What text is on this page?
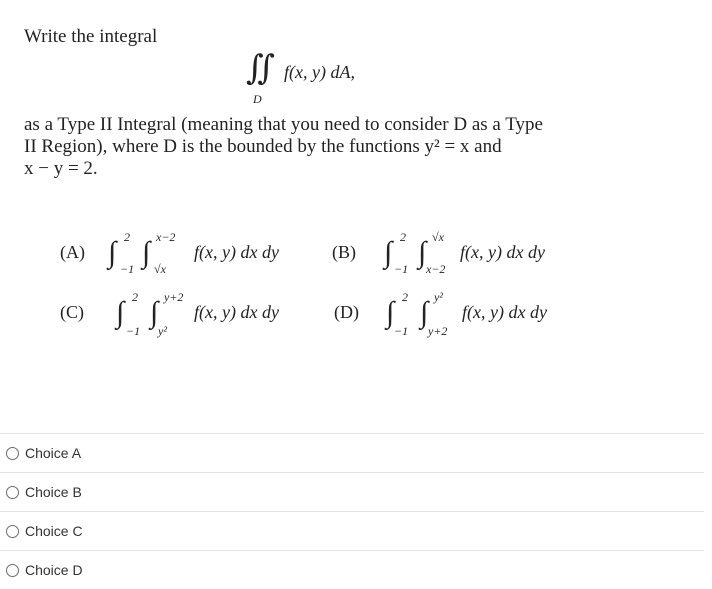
Write the integral
∬ f(x, y) dA,
D
as a Type II Integral (meaning that you need to consider D as a Type
II Region), where D is the bounded by the functions y² = x and
x − y = 2.
(A) ∫ 2
−1 ∫ x−2
√x
f(x, y) dx dy	(B) ∫ 2
−1 ∫ √x
x−2
f(x, y) dx dy
(C) ∫ 2
−1
∫ y+2
y²
f(x, y) dx dy	(D) ∫ 2
−1
∫ y²
y+2
f(x, y) dx dy
Choice A
Choice B
Choice C
Choice D
